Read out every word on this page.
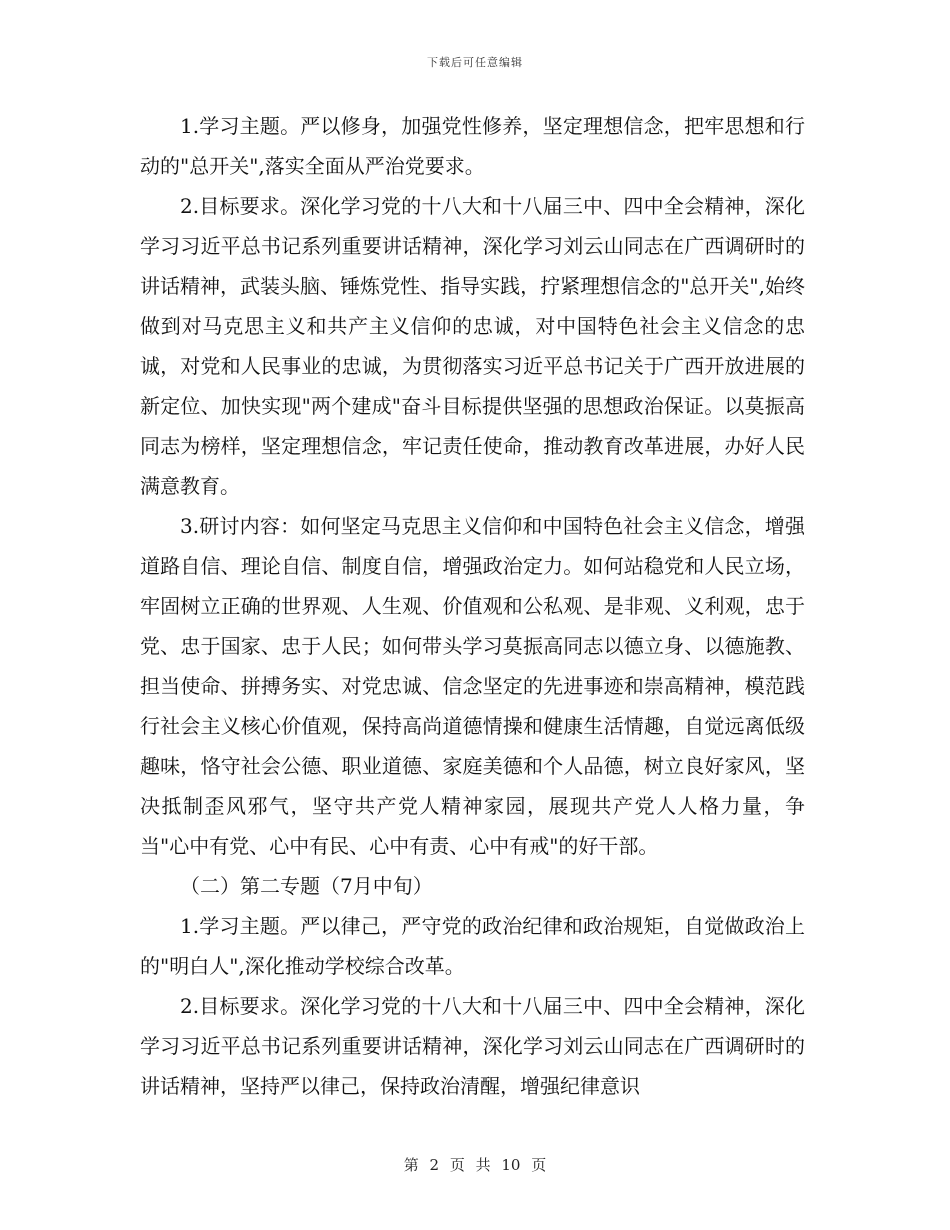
下载后可任意编辑

1.学习主题。严以修身，加强党性修养，坚定理想信念，把牢思想和行动的"总开关",落实全面从严治党要求。

2.目标要求。深化学习党的十八大和十八届三中、四中全会精神，深化学习习近平总书记系列重要讲话精神，深化学习刘云山同志在广西调研时的讲话精神，武装头脑、锤炼党性、指导实践，拧紧理想信念的"总开关",始终做到对马克思主义和共产主义信仰的忠诚，对中国特色社会主义信念的忠诚，对党和人民事业的忠诚，为贯彻落实习近平总书记关于广西开放进展的新定位、加快实现"两个建成"奋斗目标提供坚强的思想政治保证。以莫振高同志为榜样，坚定理想信念，牢记责任使命，推动教育改革进展，办好人民满意教育。

3.研讨内容：如何坚定马克思主义信仰和中国特色社会主义信念，增强道路自信、理论自信、制度自信，增强政治定力。如何站稳党和人民立场，牢固树立正确的世界观、人生观、价值观和公私观、是非观、义利观，忠于党、忠于国家、忠于人民；如何带头学习莫振高同志以德立身、以德施教、担当使命、拼搏务实、对党忠诚、信念坚定的先进事迹和崇高精神，模范践行社会主义核心价值观，保持高尚道德情操和健康生活情趣，自觉远离低级趣味，恪守社会公德、职业道德、家庭美德和个人品德，树立良好家风，坚决抵制歪风邪气，坚守共产党人精神家园，展现共产党人人格力量，争当"心中有党、心中有民、心中有责、心中有戒"的好干部。

（二）第二专题（7月中旬）

1.学习主题。严以律己，严守党的政治纪律和政治规矩，自觉做政治上的"明白人",深化推动学校综合改革。

2.目标要求。深化学习党的十八大和十八届三中、四中全会精神，深化学习习近平总书记系列重要讲话精神，深化学习刘云山同志在广西调研时的讲话精神，坚持严以律己，保持政治清醒，增强纪律意识

第 2 页 共 10 页
